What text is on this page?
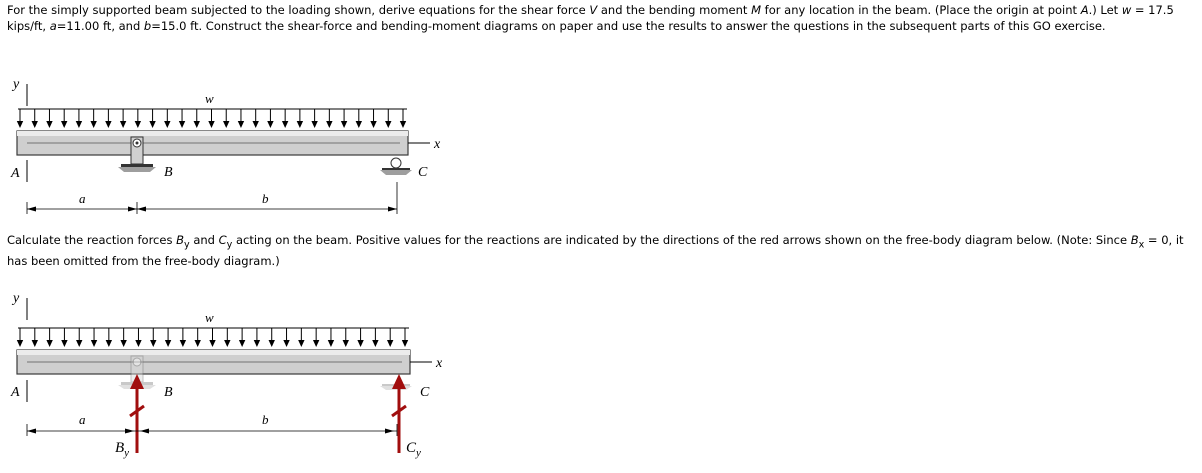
For the simply supported beam subjected to the loading shown, derive equations for the shear force V and the bending moment M for any location in the beam. (Place the origin at point A.) Let w = 17.5 kips/ft, a=11.00 ft, and b=15.0 ft. Construct the shear-force and bending-moment diagrams on paper and use the results to answer the questions in the subsequent parts of this GO exercise.

y
w
x
A	B	C
a	b

Calculate the reaction forces $B_y$ and $C_y$ acting on the beam. Positive values for the reactions are indicated by the directions of the red arrows shown on the free-body diagram below. (Note: Since $B_x = 0$, it has been omitted from the free-body diagram.)

y
w
x
A	B	C
a	b
$B_y$	$C_y$
